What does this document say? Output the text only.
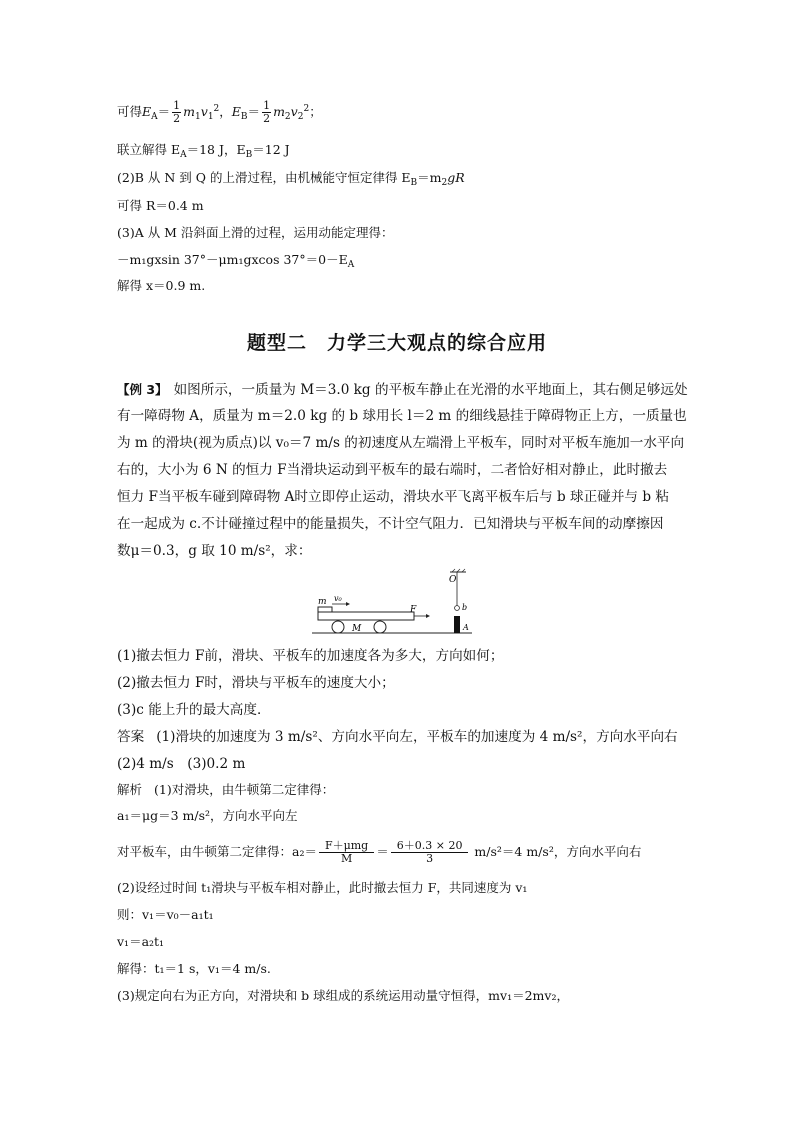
可得$E_A= \frac{1}{2} m_1v_1^2$，$E_B= \frac{1}{2} m_2v_2^2$；
联立解得 $E_A=18$ J，$E_B=12$ J
(2)B 从 N 到 Q 的上滑过程，由机械能守恒定律得 $E_B=m_2gR$
可得 R＝0.4 m
(3)A 从 M 沿斜面上滑的过程，运用动能定理得：
－m₁gxsin 37°－μm₁gxcos $37^\circ=0-E_A$
解得 x＝0.9 m.
题型二　力学三大观点的综合应用
【例 3】 如图所示，一质量为 M＝3.0 kg 的平板车静止在光滑的水平地面上，其右侧足够远处
有一障碍物 A，质量为 m＝2.0 kg 的 b 球用长 l＝2 m 的细线悬挂于障碍物正上方，一质量也
为 m 的滑块(视为质点)以 v₀＝7 m/s 的初速度从左端滑上平板车，同时对平板车施加一水平向
右的，大小为 6 N 的恒力 F当滑块运动到平板车的最右端时，二者恰好相对静止，此时撤去
恒力 F当平板车碰到障碍物 A时立即停止运动，滑块水平飞离平板车后与 b 球正碰并与 b 粘
在一起成为 c.不计碰撞过程中的能量损失，不计空气阻力．已知滑块与平板车间的动摩擦因
数μ＝0.3，g 取 10 m/s²，求：
m v₀
F
M
O
b
A
(1)撤去恒力 F前，滑块、平板车的加速度各为多大，方向如何；
(2)撤去恒力 F时，滑块与平板车的速度大小；
(3)c 能上升的最大高度．
答案 (1)滑块的加速度为 3 m/s²、方向水平向左，平板车的加速度为 4 m/s²，方向水平向右
(2)4 m/s　(3)0.2 m
解析 (1)对滑块，由牛顿第二定律得：
a₁＝μg＝3 m/s²，方向水平向左
对平板车，由牛顿第二定律得：$a_2= \frac{\text{F＋μmg}}{M} = \frac{6+0.3 \times 20}{3} m/s^2=4$ m/s²，方向水平向右
(2)设经过时间 t₁滑块与平板车相对静止，此时撤去恒力 F，共同速度为 v₁
则：v₁＝v₀－a₁t₁
v₁＝a₂t₁
解得：t₁＝1 s，v₁＝4 m/s.
(3)规定向右为正方向，对滑块和 b 球组成的系统运用动量守恒得，mv₁＝2mv₂，
